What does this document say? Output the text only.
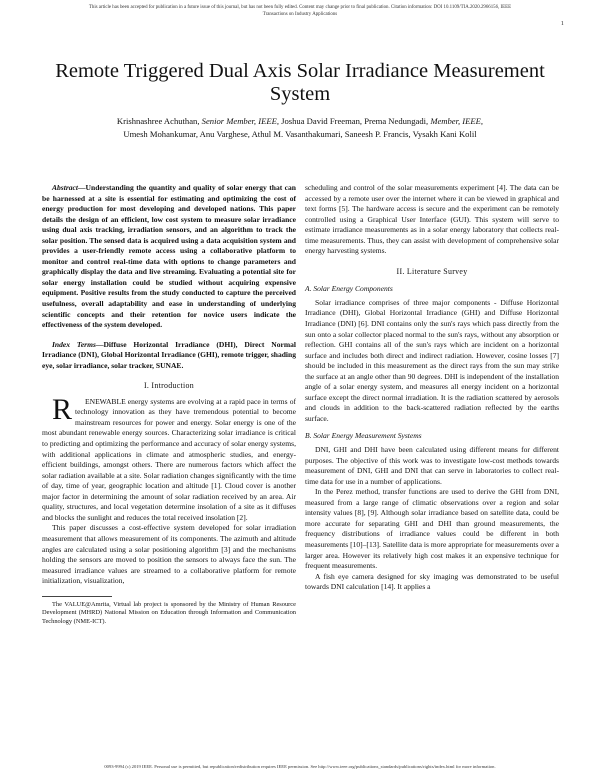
This article has been accepted for publication in a future issue of this journal, but has not been fully edited. Content may change prior to final publication. Citation information: DOI 10.1109/TIA.2020.2966156, IEEE
Transactions on Industry Applications
1
Remote Triggered Dual Axis Solar Irradiance Measurement System
Krishnashree Achuthan, Senior Member, IEEE, Joshua David Freeman, Prema Nedungadi, Member, IEEE,
Umesh Mohankumar, Anu Varghese, Athul M. Vasanthakumari, Saneesh P. Francis, Vysakh Kani Kolil

Abstract—Understanding the quantity and quality of solar energy that can be harnessed at a site is essential for estimating and optimizing the cost of energy production for most developing and developed nations. This paper details the design of an efficient, low cost system to measure solar irradiance using dual axis tracking, irradiation sensors, and an algorithm to track the solar position. The sensed data is acquired using a data acquisition system and provides a user-friendly remote access using a collaborative platform to monitor and control real-time data with options to change parameters and graphically display the data and live streaming. Evaluating a potential site for solar energy installation could be studied without acquiring expensive equipment. Positive results from the study conducted to capture the perceived usefulness, overall adaptability and ease in understanding of underlying scientific concepts and their retention for novice users indicate the effectiveness of the system developed.

Index Terms—Diffuse Horizontal Irradiance (DHI), Direct Normal Irradiance (DNI), Global Horizontal Irradiance (GHI), remote trigger, shading eye, solar irradiance, solar tracker, SUNAE.

I. Introduction

RENEWABLE energy systems are evolving at a rapid pace in terms of technology innovation as they have tremendous potential to become mainstream resources for power and energy. Solar energy is one of the most abundant renewable energy sources. Characterizing solar irradiance is critical to predicting and optimizing the performance and accuracy of solar energy systems, with additional applications in climate and atmospheric studies, and energy-efficient buildings, amongst others. There are numerous factors which affect the solar radiation available at a site. Solar radiation changes significantly with the time of day, time of year, geographic location and altitude [1]. Cloud cover is another major factor in determining the amount of solar radiation received by an area. Air quality, structures, and local vegetation determine insolation of a site as it diffuses and blocks the sunlight and reduces the total received insolation [2].

This paper discusses a cost-effective system developed for solar irradiation measurement that allows measurement of its components. The azimuth and altitude angles are calculated using a solar positioning algorithm [3] and the mechanisms holding the sensors are moved to position the sensors to always face the sun. The measured irradiance values are streamed to a collaborative platform for remote initialization, visualization,

The VALUE@Amrita, Virtual lab project is sponsored by the Ministry of Human Resource Development (MHRD) National Mission on Education through Information and Communication Technology (NME-ICT).

scheduling and control of the solar measurements experiment [4]. The data can be accessed by a remote user over the internet where it can be viewed in graphical and text forms [5]. The hardware access is secure and the experiment can be remotely controlled using a Graphical User Interface (GUI). This system will serve to estimate irradiance measurements as in a solar energy laboratory that collects real-time measurements. Thus, they can assist with development of comprehensive solar energy harvesting systems.

II. Literature Survey
A. Solar Energy Components

Solar irradiance comprises of three major components - Diffuse Horizontal Irradiance (DHI), Global Horizontal Irradiance (GHI) and Diffuse Horizontal Irradiance (DNI) [6]. DNI contains only the sun's rays which pass directly from the sun onto a solar collector placed normal to the sun's rays, without any absorption or reflection. GHI contains all of the sun's rays which are incident on a horizontal surface and includes both direct and indirect radiation. However, cosine losses [7] should be included in this measurement as the direct rays from the sun may strike the surface at an angle other than 90 degrees. DHI is independent of the installation angle of a solar energy system, and measures all energy incident on a horizontal surface except the direct normal irradiation. It is the radiation scattered by aerosols and clouds in addition to the back-scattered radiation reflected by the earths surface.

B. Solar Energy Measurement Systems

DNI, GHI and DHI have been calculated using different means for different purposes. The objective of this work was to investigate low-cost methods towards measurement of DNI, GHI and DNI that can serve in laboratories to collect real-time data for use in a number of applications.

In the Perez method, transfer functions are used to derive the GHI from DNI, measured from a large range of climatic observations over a region and solar intensity values [8], [9]. Although solar irradiance based on satellite data, could be more accurate for separating GHI and DHI than ground measurements, the frequency distributions of irradiance values could be different in both measurements [10]–[13]. Satellite data is more appropriate for measurements over a larger area. However its relatively high cost makes it an expensive technique for frequent measurements.

A fish eye camera designed for sky imaging was demonstrated to be useful towards DNI calculation [14]. It applies a

0093-9994 (c) 2019 IEEE. Personal use is permitted, but republication/redistribution requires IEEE permission. See http://www.ieee.org/publications_standards/publications/rights/index.html for more information.
